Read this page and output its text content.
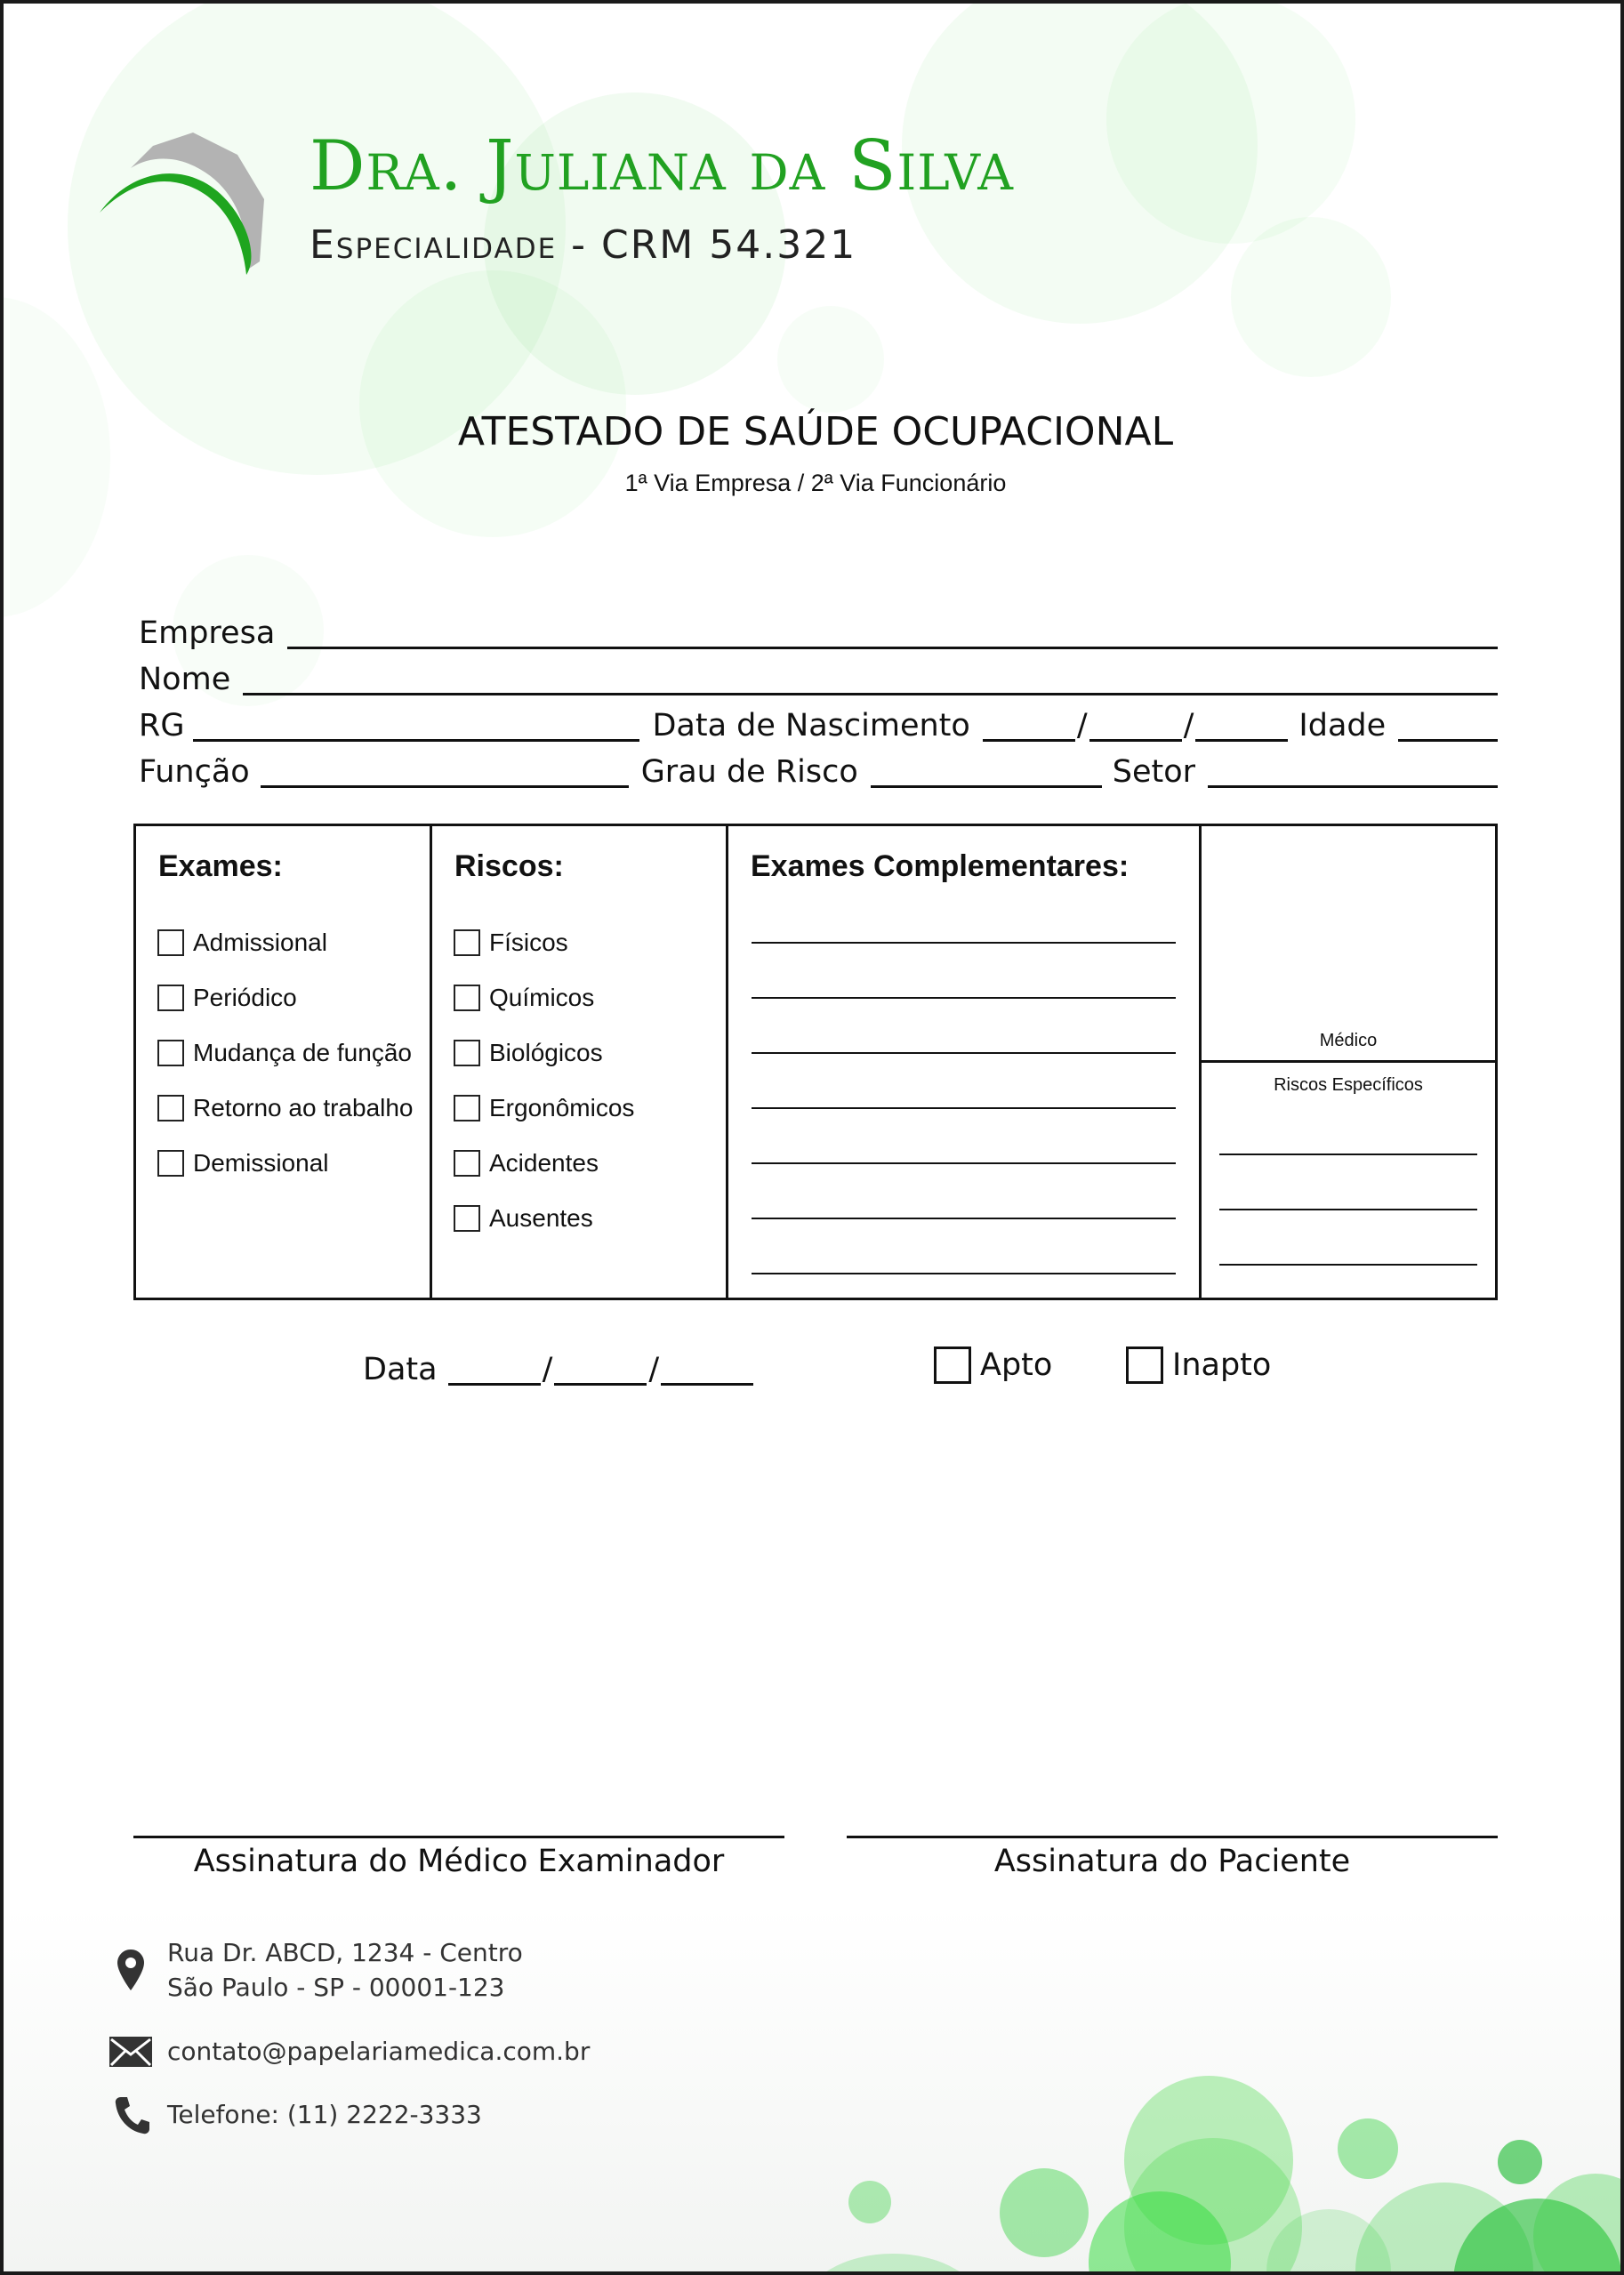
Dra. Juliana da Silva
Especialidade - CRM 54.321
ATESTADO DE SAÚDE OCUPACIONAL
1ª Via Empresa / 2ª Via Funcionário
Empresa
Nome
RG	Data de Nascimento	/	/	Idade
Função	Grau de Risco	Setor
Exames:
Admissional
Periódico
Mudança de função
Retorno ao trabalho
Demissional
Riscos:
Físicos
Químicos
Biológicos
Ergonômicos
Acidentes
Ausentes
Exames Complementares:
Médico
Riscos Específicos
Data	/	/	Apto	Inapto
Assinatura do Médico Examinador	Assinatura do Paciente
Rua Dr. ABCD, 1234 - Centro
São Paulo - SP - 00001-123
contato@papelariamedica.com.br
Telefone: (11) 2222-3333
